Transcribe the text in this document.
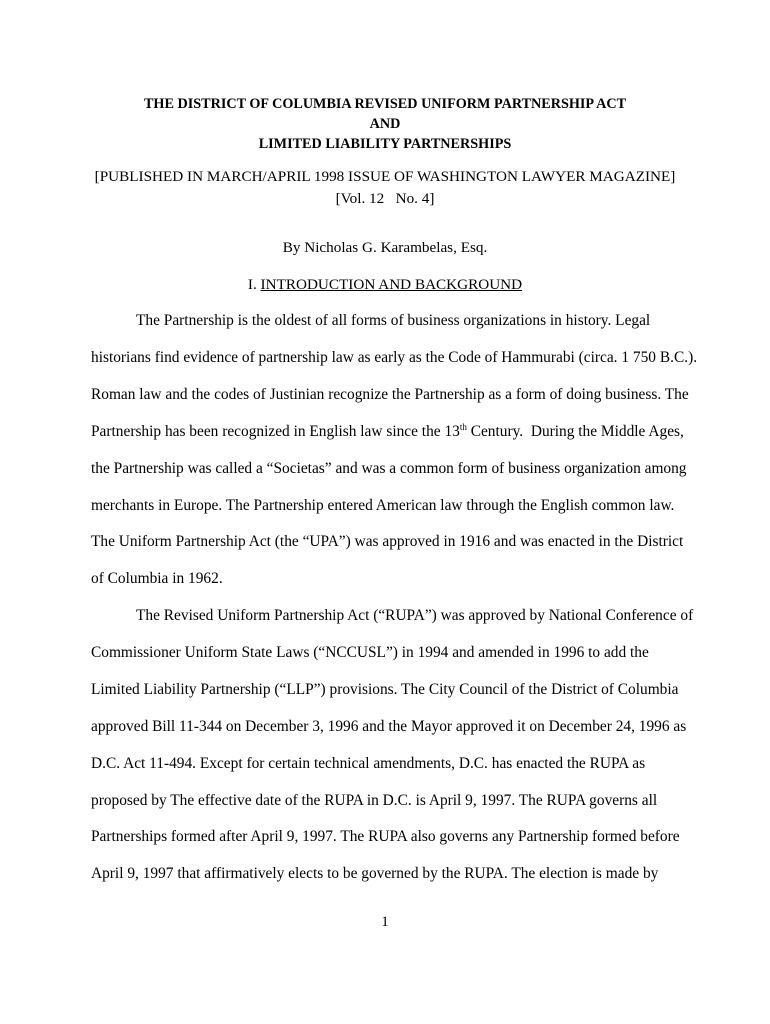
THE DISTRICT OF COLUMBIA REVISED UNIFORM PARTNERSHIP ACT
AND
LIMITED LIABILITY PARTNERSHIPS
[PUBLISHED IN MARCH/APRIL 1998 ISSUE OF WASHINGTON LAWYER MAGAZINE]
[Vol. 12   No. 4]
By Nicholas G. Karambelas, Esq.
I. INTRODUCTION AND BACKGROUND
The Partnership is the oldest of all forms of business organizations in history. Legal
historians find evidence of partnership law as early as the Code of Hammurabi (circa. 1 750 B.C.).
Roman law and the codes of Justinian recognize the Partnership as a form of doing business. The
Partnership has been recognized in English law since the 13th Century.  During the Middle Ages,
the Partnership was called a “Societas” and was a common form of business organization among
merchants in Europe. The Partnership entered American law through the English common law.
The Uniform Partnership Act (the “UPA”) was approved in 1916 and was enacted in the District
of Columbia in 1962.
The Revised Uniform Partnership Act (“RUPA”) was approved by National Conference of
Commissioner Uniform State Laws (“NCCUSL”) in 1994 and amended in 1996 to add the
Limited Liability Partnership (“LLP”) provisions. The City Council of the District of Columbia
approved Bill 11-344 on December 3, 1996 and the Mayor approved it on December 24, 1996 as
D.C. Act 11-494. Except for certain technical amendments, D.C. has enacted the RUPA as
proposed by The effective date of the RUPA in D.C. is April 9, 1997. The RUPA governs all
Partnerships formed after April 9, 1997. The RUPA also governs any Partnership formed before
April 9, 1997 that affirmatively elects to be governed by the RUPA. The election is made by
1
